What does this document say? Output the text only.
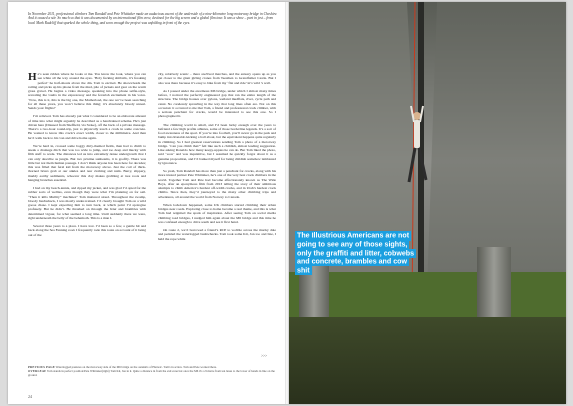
In November 2011, professional climbers Tom Randall and Pete Whittaker made an audacious ascent of the underside of a nine-kilometre long motorway bridge in Cheshire. And it caused a stir. So much so that it was documented by an international film crew, destined for the big screen and a global film tour. It was a show – part in jest – from local Mark Radcliff that sparked the whole thing, and soon enough the project was unfolding in front of the eyes.

He’s seen ridden where he looks at me. You know the look, where you can see white all the way around the eyes. ‘Holy fucking shitballs, it’s freaking perfect’ he half-shouts above the din. Tom is excited. He shows/leads the railing and picks up his phone from the mud, pile of jackets and gear on the warm grass gravel. He begins a video message, speaking into the phone selfie-style, revealing the vaults in the expressway and the feverish excitement in his voice. ‘Now, this is it, this is the big one, the Motherload, the one we’ve been searching for all these years, you won’t believe this thing; it’s absolutely bloody unreal. Sends your flights!’

I’m relieved. Tom has already put what I considered to be an elaborate amount of time into what might arguably be described as a harebrained scheme. He’s just driven here (Disused from Sheffield, via Stoke), off the back of a private message. There’s a two-hour round-trip, just to physically touch a crack in some concrete. He wanted to know this crack’s exact width, closer to the millimetre. And then he’d walk back to his van and drive home again.

We’re hard in, crossed some boggy dirty-themed fields, then had to climb to sneak a drainage ditch that was too wide to jump, and too deep and mucky with filth stuff to wade. The distances led us into extremely dense undergrowth that I can only describe as jungle. But two pristine sunbeams, it is goofily. There was little but not them human passage. I don’t think anyone has been here for decades; this was filled that feral kid from the motorway above. Just the coil of thick-thorned briars grab at our ankles and tear clothing and nails. Berry, slippery, muddy earthy sediments, whoever this clay makes grabbing at tree roots and hanging branches essential.

I had on my beach-tennis, and ripped my jacket, and was glad I’d opted for the rubber sorts of wellies, even though they were what I’m planning on for sail. “Then it kills Mullity” machines” Tom muttered aloud. Throughout the swamp, bloody bushwhack, I was mostly under-trained. I’d clearly brought Tom on a wild goose chase. I kept expecting him to turn back, at which point I’d apologise profusely. But he didn’t. He thrashed on through the brier and brambles with determined vigour, for what seemed a long time. Until suddenly there we were, right underneath the belly of the behemoth. This is a man I.

Several three years to a place. I have lost. I’d been so a few, a gentle hit and back along the Sea Fanning road. I frequently rode this route on account of it being out of the

city, relatively scenic – there are/lived marches, and the estuary opens up as you get closer to the giant girling cranes from Teesthen to Grandfather Castle. But I also was there because it’s easy to bike from my ‘flat and ride’ in’s wild ’s wall.

As I passed under the enormous M6 bridge, under which I almost many times before, I noticed the perfectly engineered gap that ran the entire length of the structure. The bridge houses over pylons, wetland mudflats, river, cycle path and canal. No carelessly sprawling in the way that long lines often are. Not on this occasion: it occurred to me that Tom, a friend and professional crack climber, with a serious penchant for cracks, would be interested to see this one. So I photographed it.

The climbing world is small, and I’d been lucky enough over the years to befriend a few high profile athletes, some of those borderline legends. It’s a sort of food awareness of the sport. If you’re into football, you’ll never go in the park and bump into Ronaldo kicking a ball about, but the equivalent happens quite regularly in climbing. So I had greatest reservations sending Tom a photo of a motorway bridge. ‘Can you climb that?’ felt like such a childish, almost leading suggestion. Like asking Ronaldo how many keepy-uppies he can do. But Tom liked the photo, said ‘wow’ and was inquisitive, but I assumed he quickly forgot about it as a genuine proposition, and I’d banked myself for being childish somehow lambasted by ignorance.

So yeah, Tom Randall has more than just a penchant for cracks, along with his more trusted partner Pete Whittaker, he’s one of the very best crack climbers in the world. Together Tom and Pete had become affectionately known as The Wide Boys, after an eponymous film from 2013 telling the story of their ambitious attempts to climb America’s hardest off-width cracks, and in Utah’s hardest crack climbs. Since then, they’d journeyed to the many other climbing trips and adventures, all around the world from Norway to Canada.

When lockdown happened, some UK climbers started climbing their urban bridges near roads. Exploring close to home became a real theme, and this is what Tom had reignited the spark of inspiration. After seeing Tom on social media climbing road bridges, I nudged him again about the M6 bridge and this time he was confused enough to drive south and see it first hand.

On route 2, we’d borrowed a friend’s RCP to wobble across the mucky dale and pedaled the waterlogged bushwhacks. Tom took some Kit, Jan too and line, I held the rope while

>>>

PREVIOUS PAGE Waterlogged pastures on the motorway side of the M6 bridge on the outskirts of Hunwic. Tom's in action. Tom and Pete worked there.
OVERLEAF Tom stands in perfect position/Pete Whittaker(right) Tom Kit, Jan in it. Quite a distance in from the exit zone but once the M6 it's a 9 metre from ten lanes to the lower of hands in line on the ground.

24

The Illustrious Americans are not going to see any of those sights, only the graffiti and litter, cobwebs and concrete, brambles and cow shit
